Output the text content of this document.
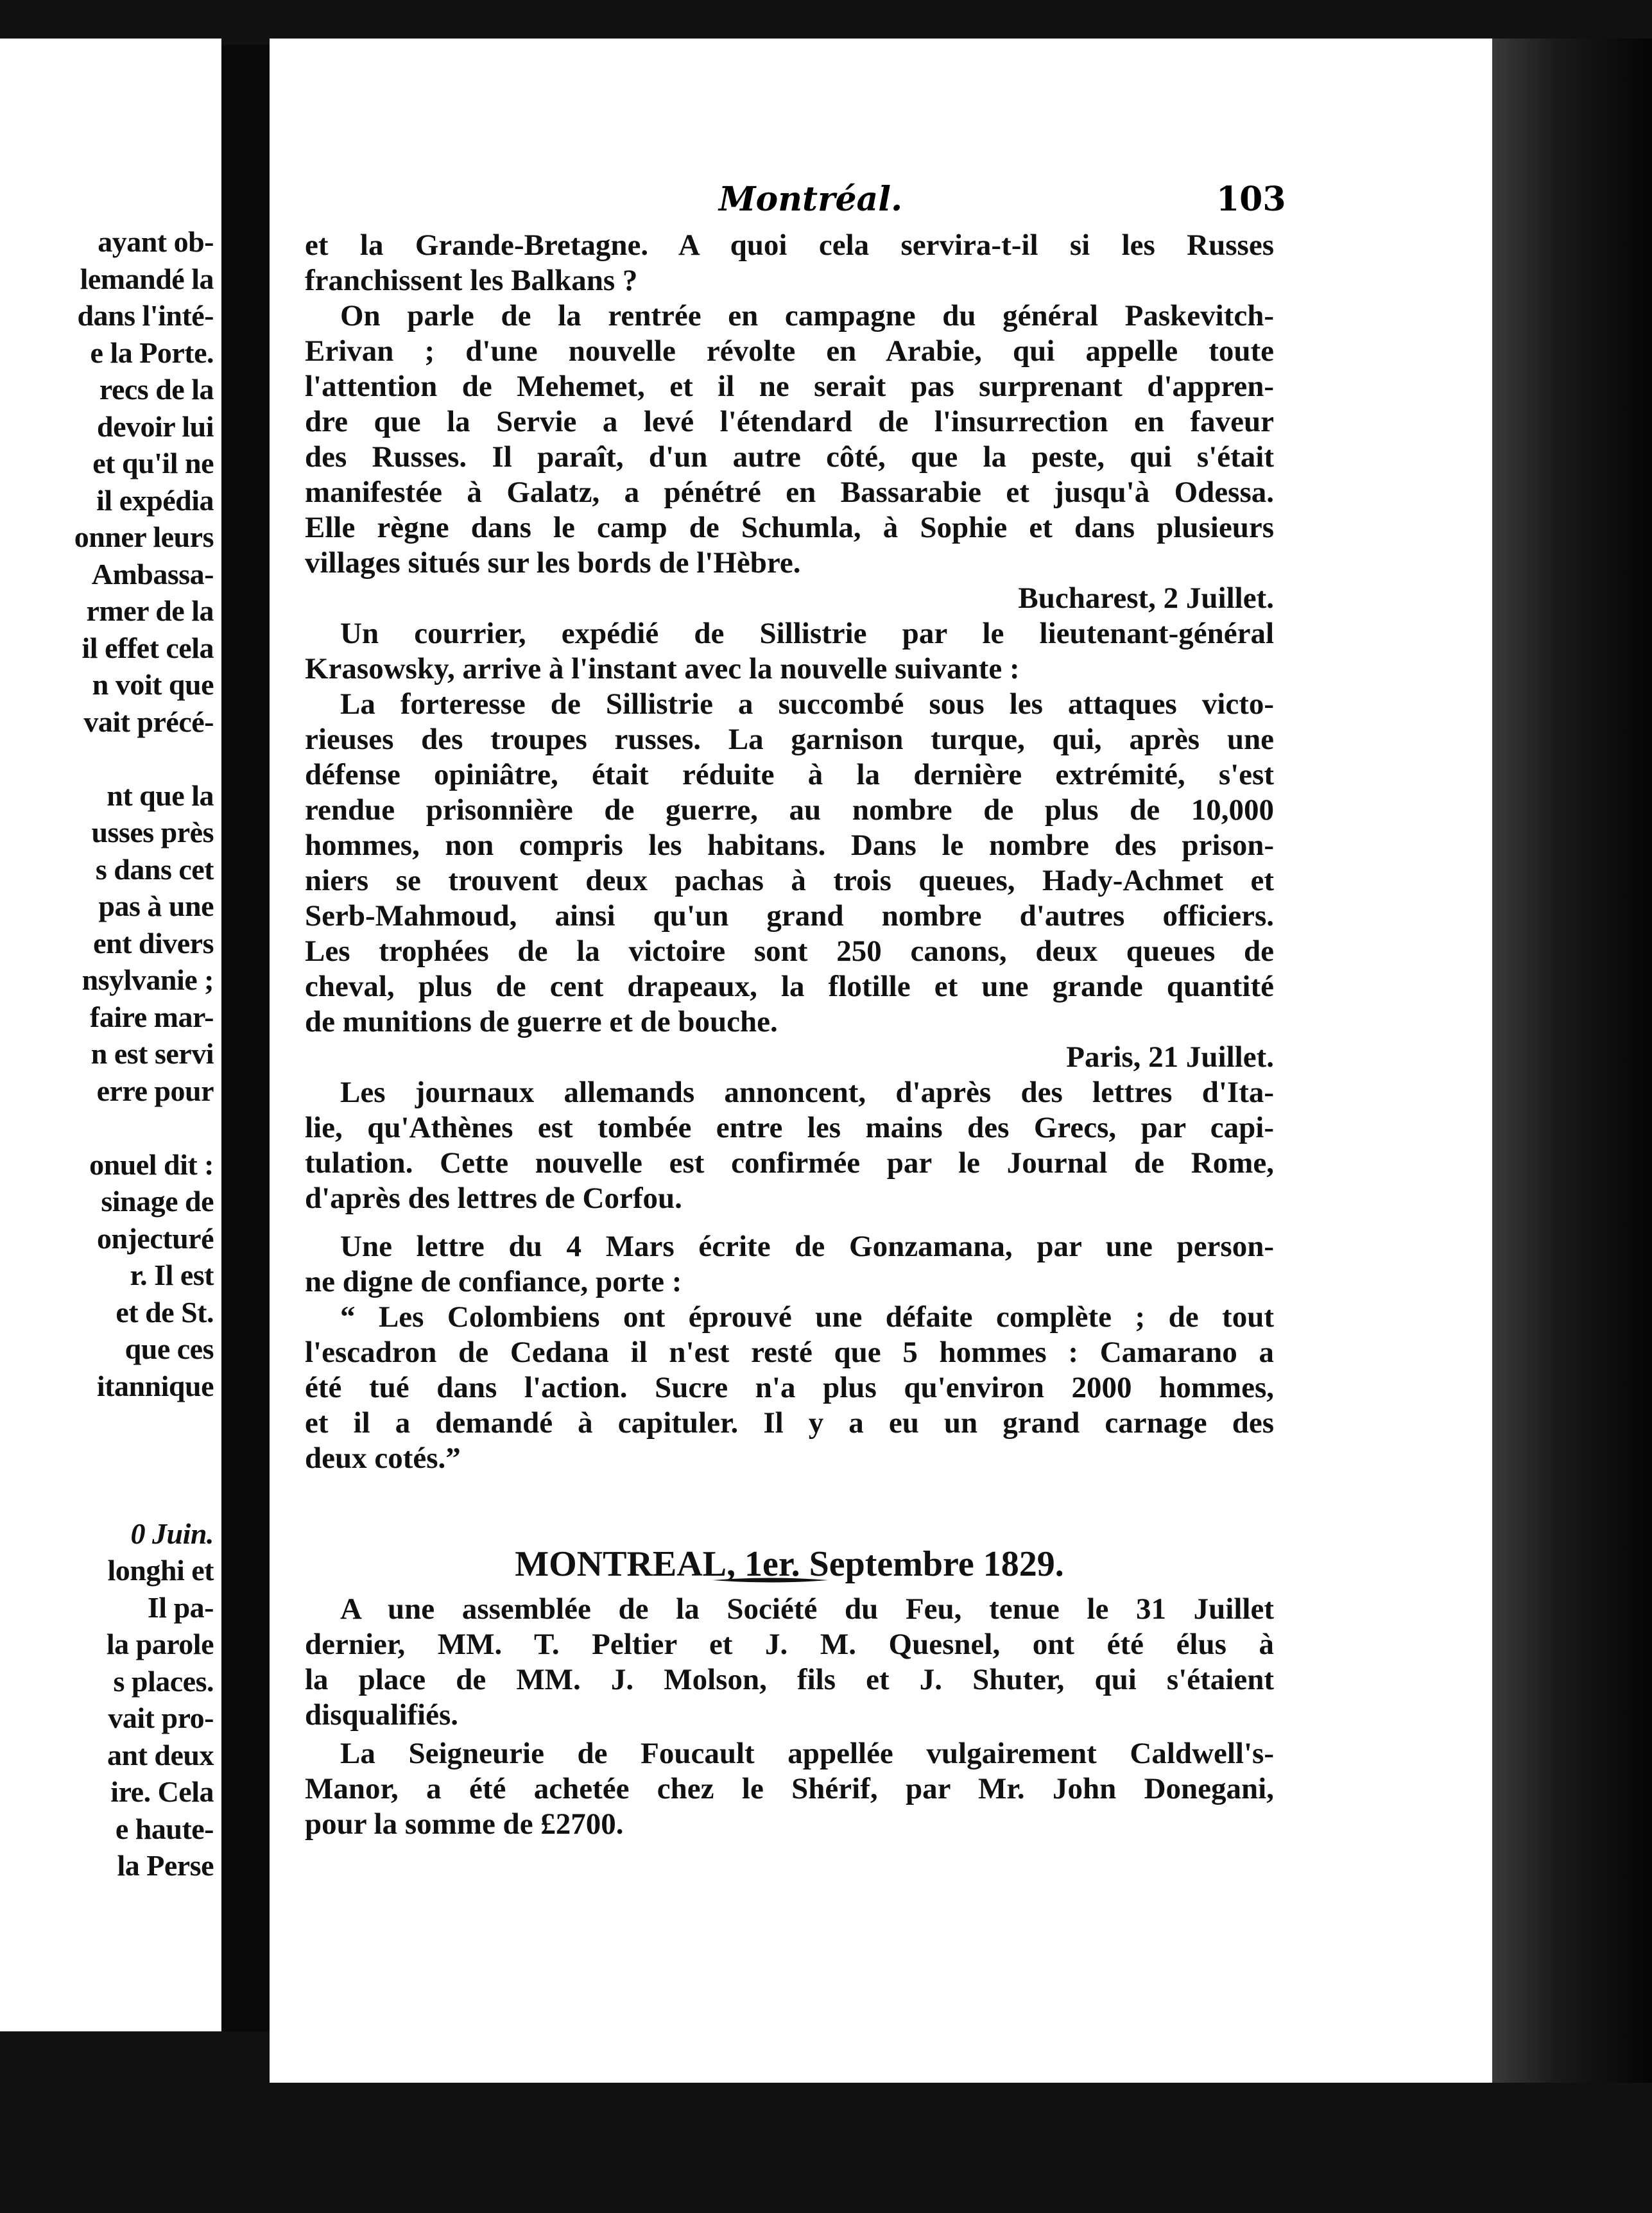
ayant ob-
lemandé la
dans l'inté-
e la Porte.
recs de la
devoir lui
et qu'il ne
il expédia
onner leurs
Ambassa-
rmer de la
il effet cela
n voit que
vait précé-
nt que la
usses près
s dans cet
pas à une
ent divers
nsylvanie ;
faire mar-
n est servi
erre pour
onuel dit :
sinage de
onjecturé
r. Il est
et de St.
que ces
itannique
0 Juin.
longhi et
Il pa-
la parole
s places.
vait pro-
ant deux
ire. Cela
e haute-
la Perse
Montréal.	103
et la Grande-Bretagne. A quoi cela servira-t-il si les Russes
franchissent les Balkans ?
On parle de la rentrée en campagne du général Paskevitch-
Erivan ; d'une nouvelle révolte en Arabie, qui appelle toute
l'attention de Mehemet, et il ne serait pas surprenant d'appren-
dre que la Servie a levé l'étendard de l'insurrection en faveur
des Russes. Il paraît, d'un autre côté, que la peste, qui s'était
manifestée à Galatz, a pénétré en Bassarabie et jusqu'à Odessa.
Elle règne dans le camp de Schumla, à Sophie et dans plusieurs
villages situés sur les bords de l'Hèbre.
Bucharest, 2 Juillet.
Un courrier, expédié de Sillistrie par le lieutenant-général
Krasowsky, arrive à l'instant avec la nouvelle suivante :
La forteresse de Sillistrie a succombé sous les attaques victo-
rieuses des troupes russes. La garnison turque, qui, après une
défense opiniâtre, était réduite à la dernière extrémité, s'est
rendue prisonnière de guerre, au nombre de plus de 10,000
hommes, non compris les habitans. Dans le nombre des prison-
niers se trouvent deux pachas à trois queues, Hady-Achmet et
Serb-Mahmoud, ainsi qu'un grand nombre d'autres officiers.
Les trophées de la victoire sont 250 canons, deux queues de
cheval, plus de cent drapeaux, la flotille et une grande quantité
de munitions de guerre et de bouche.
Paris, 21 Juillet.
Les journaux allemands annoncent, d'après des lettres d'Ita-
lie, qu'Athènes est tombée entre les mains des Grecs, par capi-
tulation. Cette nouvelle est confirmée par le Journal de Rome,
d'après des lettres de Corfou.
Une lettre du 4 Mars écrite de Gonzamana, par une person-
ne digne de confiance, porte :
“ Les Colombiens ont éprouvé une défaite complète ; de tout
l'escadron de Cedana il n'est resté que 5 hommes : Camarano a
été tué dans l'action. Sucre n'a plus qu'environ 2000 hommes,
et il a demandé à capituler. Il y a eu un grand carnage des
deux cotés.”
MONTREAL, 1er. Septembre 1829.
A une assemblée de la Société du Feu, tenue le 31 Juillet
dernier, MM. T. Peltier et J. M. Quesnel, ont été élus à
la place de MM. J. Molson, fils et J. Shuter, qui s'étaient
disqualifiés.
La Seigneurie de Foucault appellée vulgairement Caldwell's-
Manor, a été achetée chez le Shérif, par Mr. John Donegani,
pour la somme de £2700.
